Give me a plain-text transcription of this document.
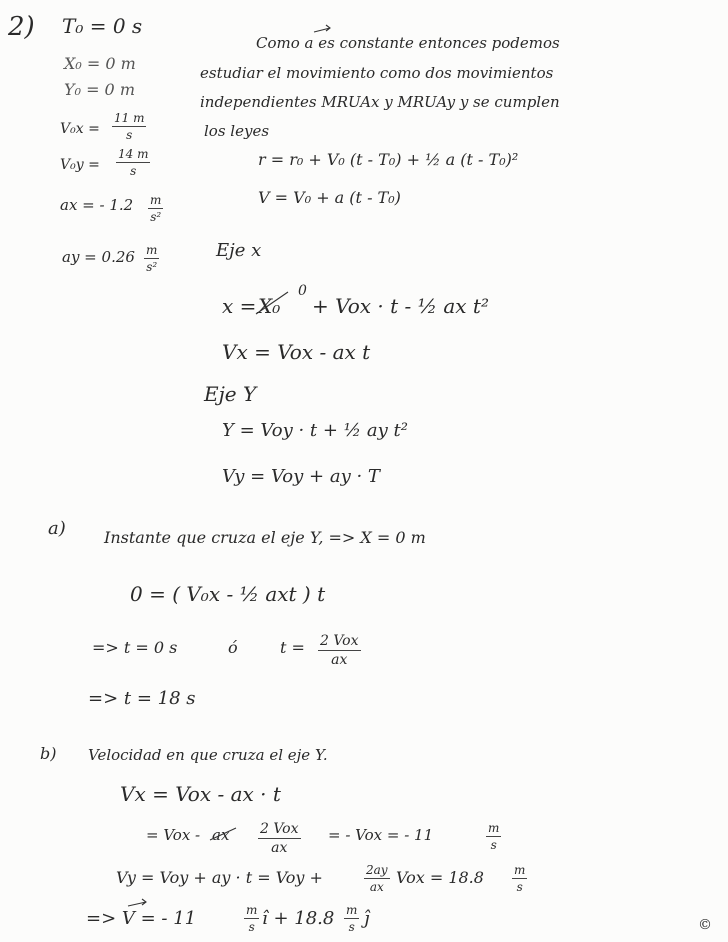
2) T₀ = 0 s
X₀ = 0 m
Y₀ = 0 m
$V_0x = \frac{11 m}{s}$
$V_0y = \frac{14 m}{s}$
ax = - $1.2 \frac{m}{\text{s²}}$
ay = $0.26 \frac{m}{\text{s²}}$
Como a es constante entonces podemos
estudiar el movimiento como dos movimientos
independientes MRUAx y MRUAy y se cumplen
los leyes
r = r₀ + V₀ (t - T₀) + ½ a (t - T₀)²
V = V₀ + a (t - T₀)
Eje x
x = X₀
0
+ Vox · t - ½ ax t²
Vx = Vox - ax t
Eje Y
Y = Voy · t + ½ ay t²
Vy = Voy + ay · T
a) Instante que cruza el eje Y, => X = 0 m
0 = ( V₀x - ½ axt ) t
=> t = 0 s	ó	t = 2 Vox
ax
=> t = 18 s
b) Velocidad en que cruza el eje Y.
Vx = Vox - ax · t
= Vox - ax 2 Vox
ax
= - Vox = - 11	$\frac{m}{s}$
Vy = Voy + ay · t = Voy +	$\frac{2ay}{ax}$ Vox = $18.8 \frac{m}{s}$
=> V = - 11	$\frac{m}{s}$ î + $18.8 \frac{m}{s}$ ĵ	©
